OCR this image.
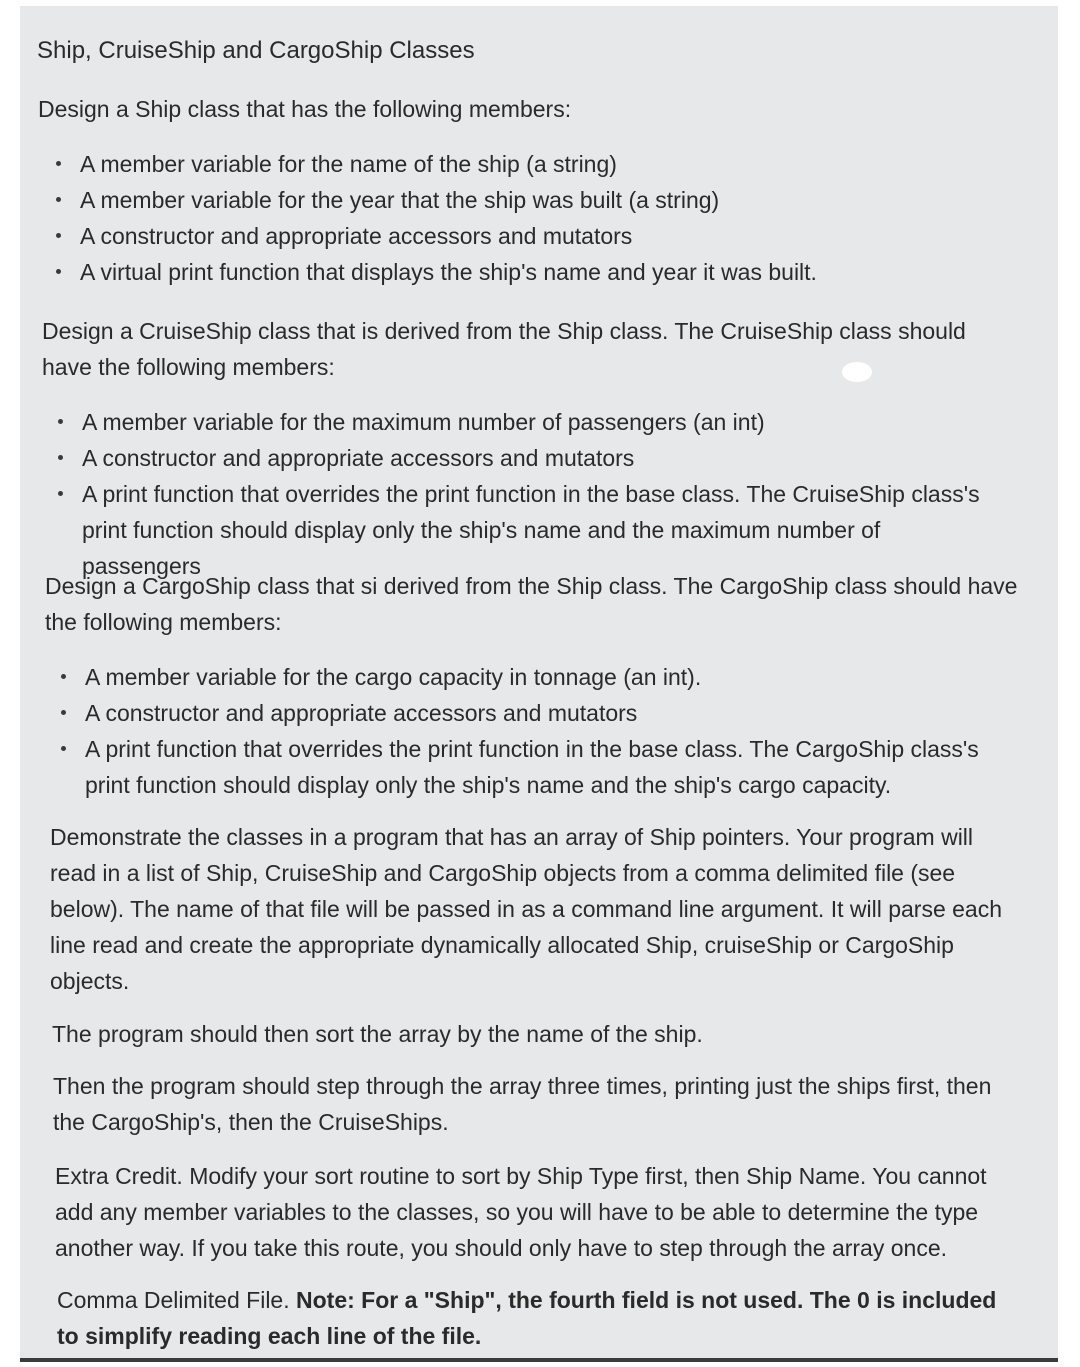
Ship, CruiseShip and CargoShip Classes
Design a Ship class that has the following members:
A member variable for the name of the ship (a string)
A member variable for the year that the ship was built (a string)
A constructor and appropriate accessors and mutators
A virtual print function that displays the ship's name and year it was built.
Design a CruiseShip class that is derived from the Ship class. The CruiseShip class should have the following members:
A member variable for the maximum number of passengers (an int)
A constructor and appropriate accessors and mutators
A print function that overrides the print function in the base class. The CruiseShip class's print function should display only the ship's name and the maximum number of passengers
Design a CargoShip class that si derived from the Ship class. The CargoShip class should have the following members:
A member variable for the cargo capacity in tonnage (an int).
A constructor and appropriate accessors and mutators
A print function that overrides the print function in the base class. The CargoShip class's print function should display only the ship's name and the ship's cargo capacity.
Demonstrate the classes in a program that has an array of Ship pointers. Your program will read in a list of Ship, CruiseShip and CargoShip objects from a comma delimited file (see below). The name of that file will be passed in as a command line argument. It will parse each line read and create the appropriate dynamically allocated Ship, cruiseShip or CargoShip objects.
The program should then sort the array by the name of the ship.
Then the program should step through the array three times, printing just the ships first, then the CargoShip's, then the CruiseShips.
Extra Credit. Modify your sort routine to sort by Ship Type first, then Ship Name. You cannot add any member variables to the classes, so you will have to be able to determine the type another way. If you take this route, you should only have to step through the array once.
Comma Delimited File. Note: For a "Ship", the fourth field is not used. The 0 is included to simplify reading each line of the file.
